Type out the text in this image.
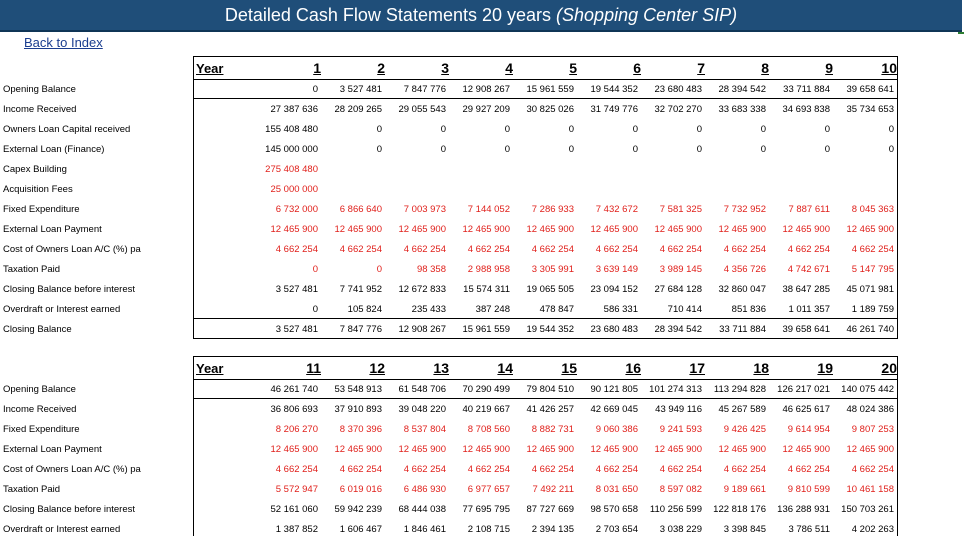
Detailed Cash Flow Statements 20 years (Shopping Center SIP)
Back to Index
Year	1	2	3	4	5	6	7	8	9	10
Opening Balance	0	3 527 481	7 847 776	12 908 267	15 961 559	19 544 352	23 680 483	28 394 542	33 711 884	39 658 641
Income Received	27 387 636	28 209 265	29 055 543	29 927 209	30 825 026	31 749 776	32 702 270	33 683 338	34 693 838	35 734 653
Owners Loan Capital received	155 408 480	0	0	0	0	0	0	0	0	0
External Loan (Finance)	145 000 000	0	0	0	0	0	0	0	0	0
Capex Building	275 408 480
Acquisition Fees	25 000 000
Fixed Expenditure	6 732 000	6 866 640	7 003 973	7 144 052	7 286 933	7 432 672	7 581 325	7 732 952	7 887 611	8 045 363
External Loan Payment	12 465 900	12 465 900	12 465 900	12 465 900	12 465 900	12 465 900	12 465 900	12 465 900	12 465 900	12 465 900
Cost of Owners Loan A/C (%) pa	4 662 254	4 662 254	4 662 254	4 662 254	4 662 254	4 662 254	4 662 254	4 662 254	4 662 254	4 662 254
Taxation Paid	0	0	98 358	2 988 958	3 305 991	3 639 149	3 989 145	4 356 726	4 742 671	5 147 795
Closing Balance before interest	3 527 481	7 741 952	12 672 833	15 574 311	19 065 505	23 094 152	27 684 128	32 860 047	38 647 285	45 071 981
Overdraft or Interest earned	0	105 824	235 433	387 248	478 847	586 331	710 414	851 836	1 011 357	1 189 759
Closing Balance	3 527 481	7 847 776	12 908 267	15 961 559	19 544 352	23 680 483	28 394 542	33 711 884	39 658 641	46 261 740
Year	11	12	13	14	15	16	17	18	19	20
Opening Balance	46 261 740	53 548 913	61 548 706	70 290 499	79 804 510	90 121 805	101 274 313	113 294 828	126 217 021	140 075 442
Income Received	36 806 693	37 910 893	39 048 220	40 219 667	41 426 257	42 669 045	43 949 116	45 267 589	46 625 617	48 024 386
Fixed Expenditure	8 206 270	8 370 396	8 537 804	8 708 560	8 882 731	9 060 386	9 241 593	9 426 425	9 614 954	9 807 253
External Loan Payment	12 465 900	12 465 900	12 465 900	12 465 900	12 465 900	12 465 900	12 465 900	12 465 900	12 465 900	12 465 900
Cost of Owners Loan A/C (%) pa	4 662 254	4 662 254	4 662 254	4 662 254	4 662 254	4 662 254	4 662 254	4 662 254	4 662 254	4 662 254
Taxation Paid	5 572 947	6 019 016	6 486 930	6 977 657	7 492 211	8 031 650	8 597 082	9 189 661	9 810 599	10 461 158
Closing Balance before interest	52 161 060	59 942 239	68 444 038	77 695 795	87 727 669	98 570 658	110 256 599	122 818 176	136 288 931	150 703 261
Overdraft or Interest earned	1 387 852	1 606 467	1 846 461	2 108 715	2 394 135	2 703 654	3 038 229	3 398 845	3 786 511	4 202 263
